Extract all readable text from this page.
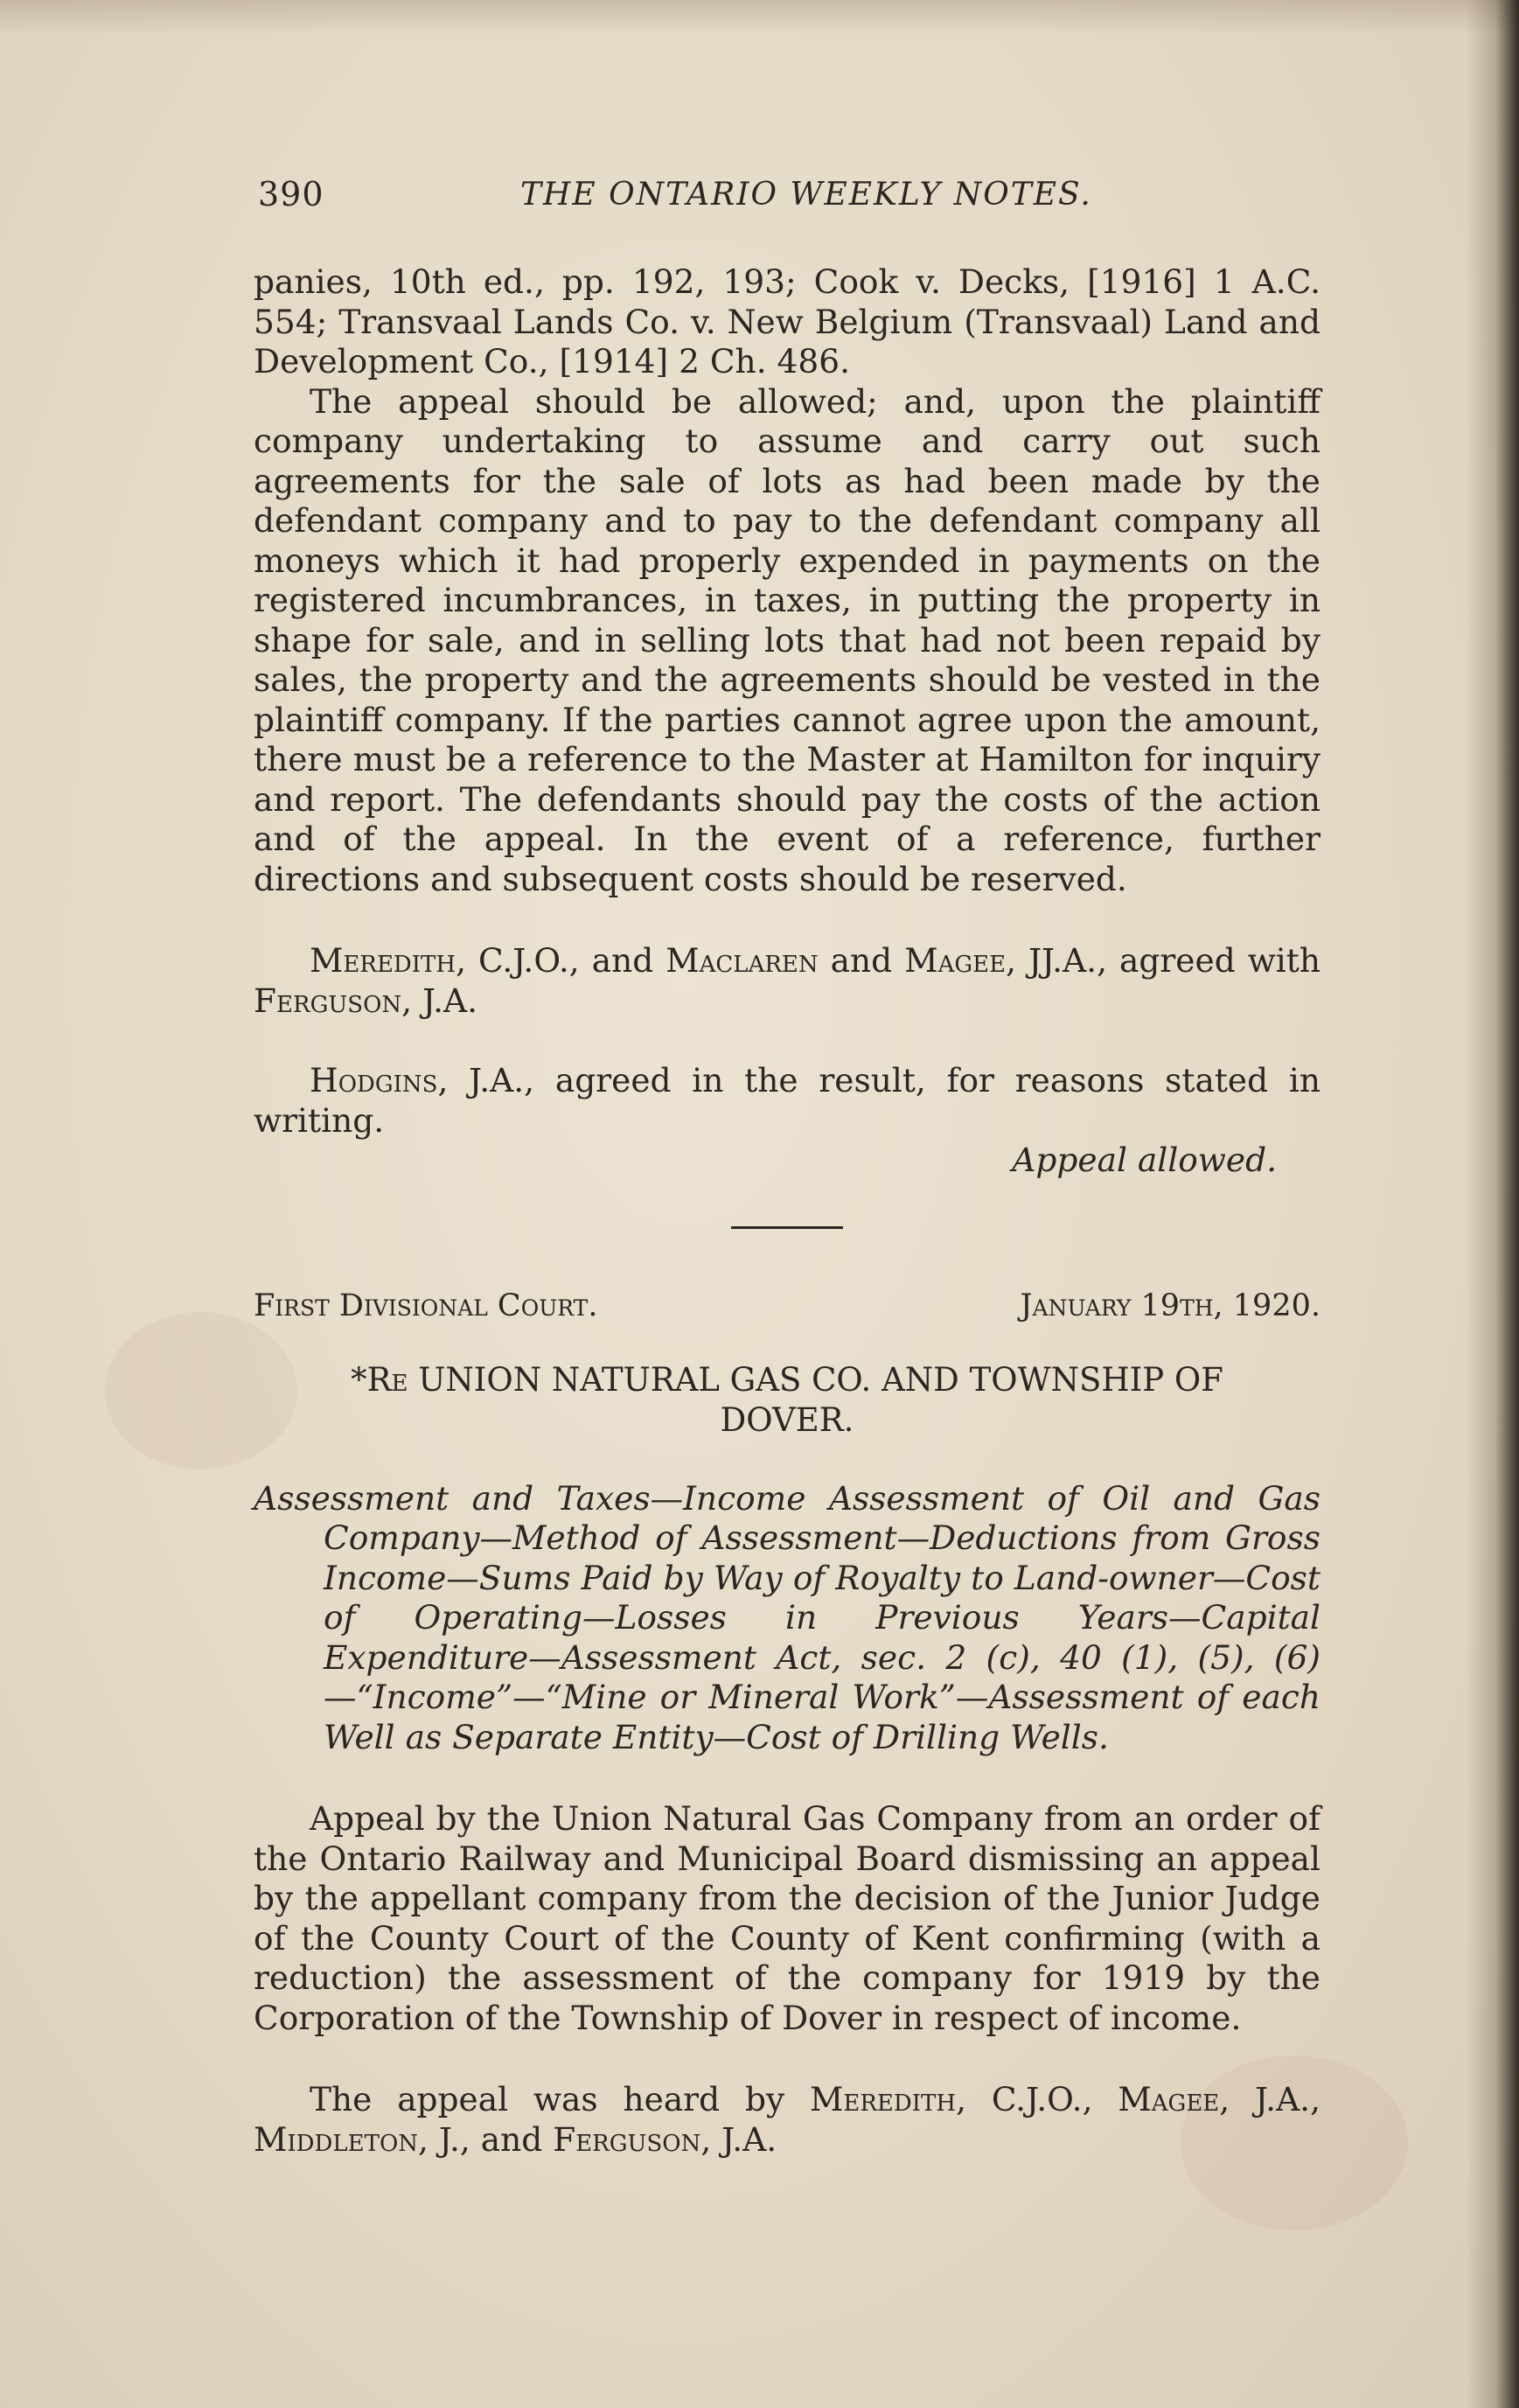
390	THE ONTARIO WEEKLY NOTES.

panies, 10th ed., pp. 192, 193; Cook v. Decks, [1916] 1 A.C. 554; Transvaal Lands Co. v. New Belgium (Transvaal) Land and Development Co., [1914] 2 Ch. 486.

The appeal should be allowed; and, upon the plaintiff company undertaking to assume and carry out such agreements for the sale of lots as had been made by the defendant company and to pay to the defendant company all moneys which it had properly expended in payments on the registered incumbrances, in taxes, in putting the property in shape for sale, and in selling lots that had not been repaid by sales, the property and the agreements should be vested in the plaintiff company. If the parties cannot agree upon the amount, there must be a reference to the Master at Hamilton for inquiry and report. The defendants should pay the costs of the action and of the appeal. In the event of a reference, further directions and subsequent costs should be reserved.

Meredith, C.J.O., and Maclaren and Magee, JJ.A., agreed with Ferguson, J.A.

Hodgins, J.A., agreed in the result, for reasons stated in writing.

Appeal allowed.

First Divisional Court.	January 19th, 1920.
*Re UNION NATURAL GAS CO. AND TOWNSHIP OF DOVER.

Assessment and Taxes—Income Assessment of Oil and Gas Company—Method of Assessment—Deductions from Gross Income—Sums Paid by Way of Royalty to Land-owner—Cost of Operating—Losses in Previous Years—Capital Expenditure—Assessment Act, sec. 2 (c), 40 (1), (5), (6)—“Income”—“Mine or Mineral Work”—Assessment of each Well as Separate Entity—Cost of Drilling Wells.

Appeal by the Union Natural Gas Company from an order of the Ontario Railway and Municipal Board dismissing an appeal by the appellant company from the decision of the Junior Judge of the County Court of the County of Kent confirming (with a reduction) the assessment of the company for 1919 by the Corporation of the Township of Dover in respect of income.

The appeal was heard by Meredith, C.J.O., Magee, J.A., Middleton, J., and Ferguson, J.A.
